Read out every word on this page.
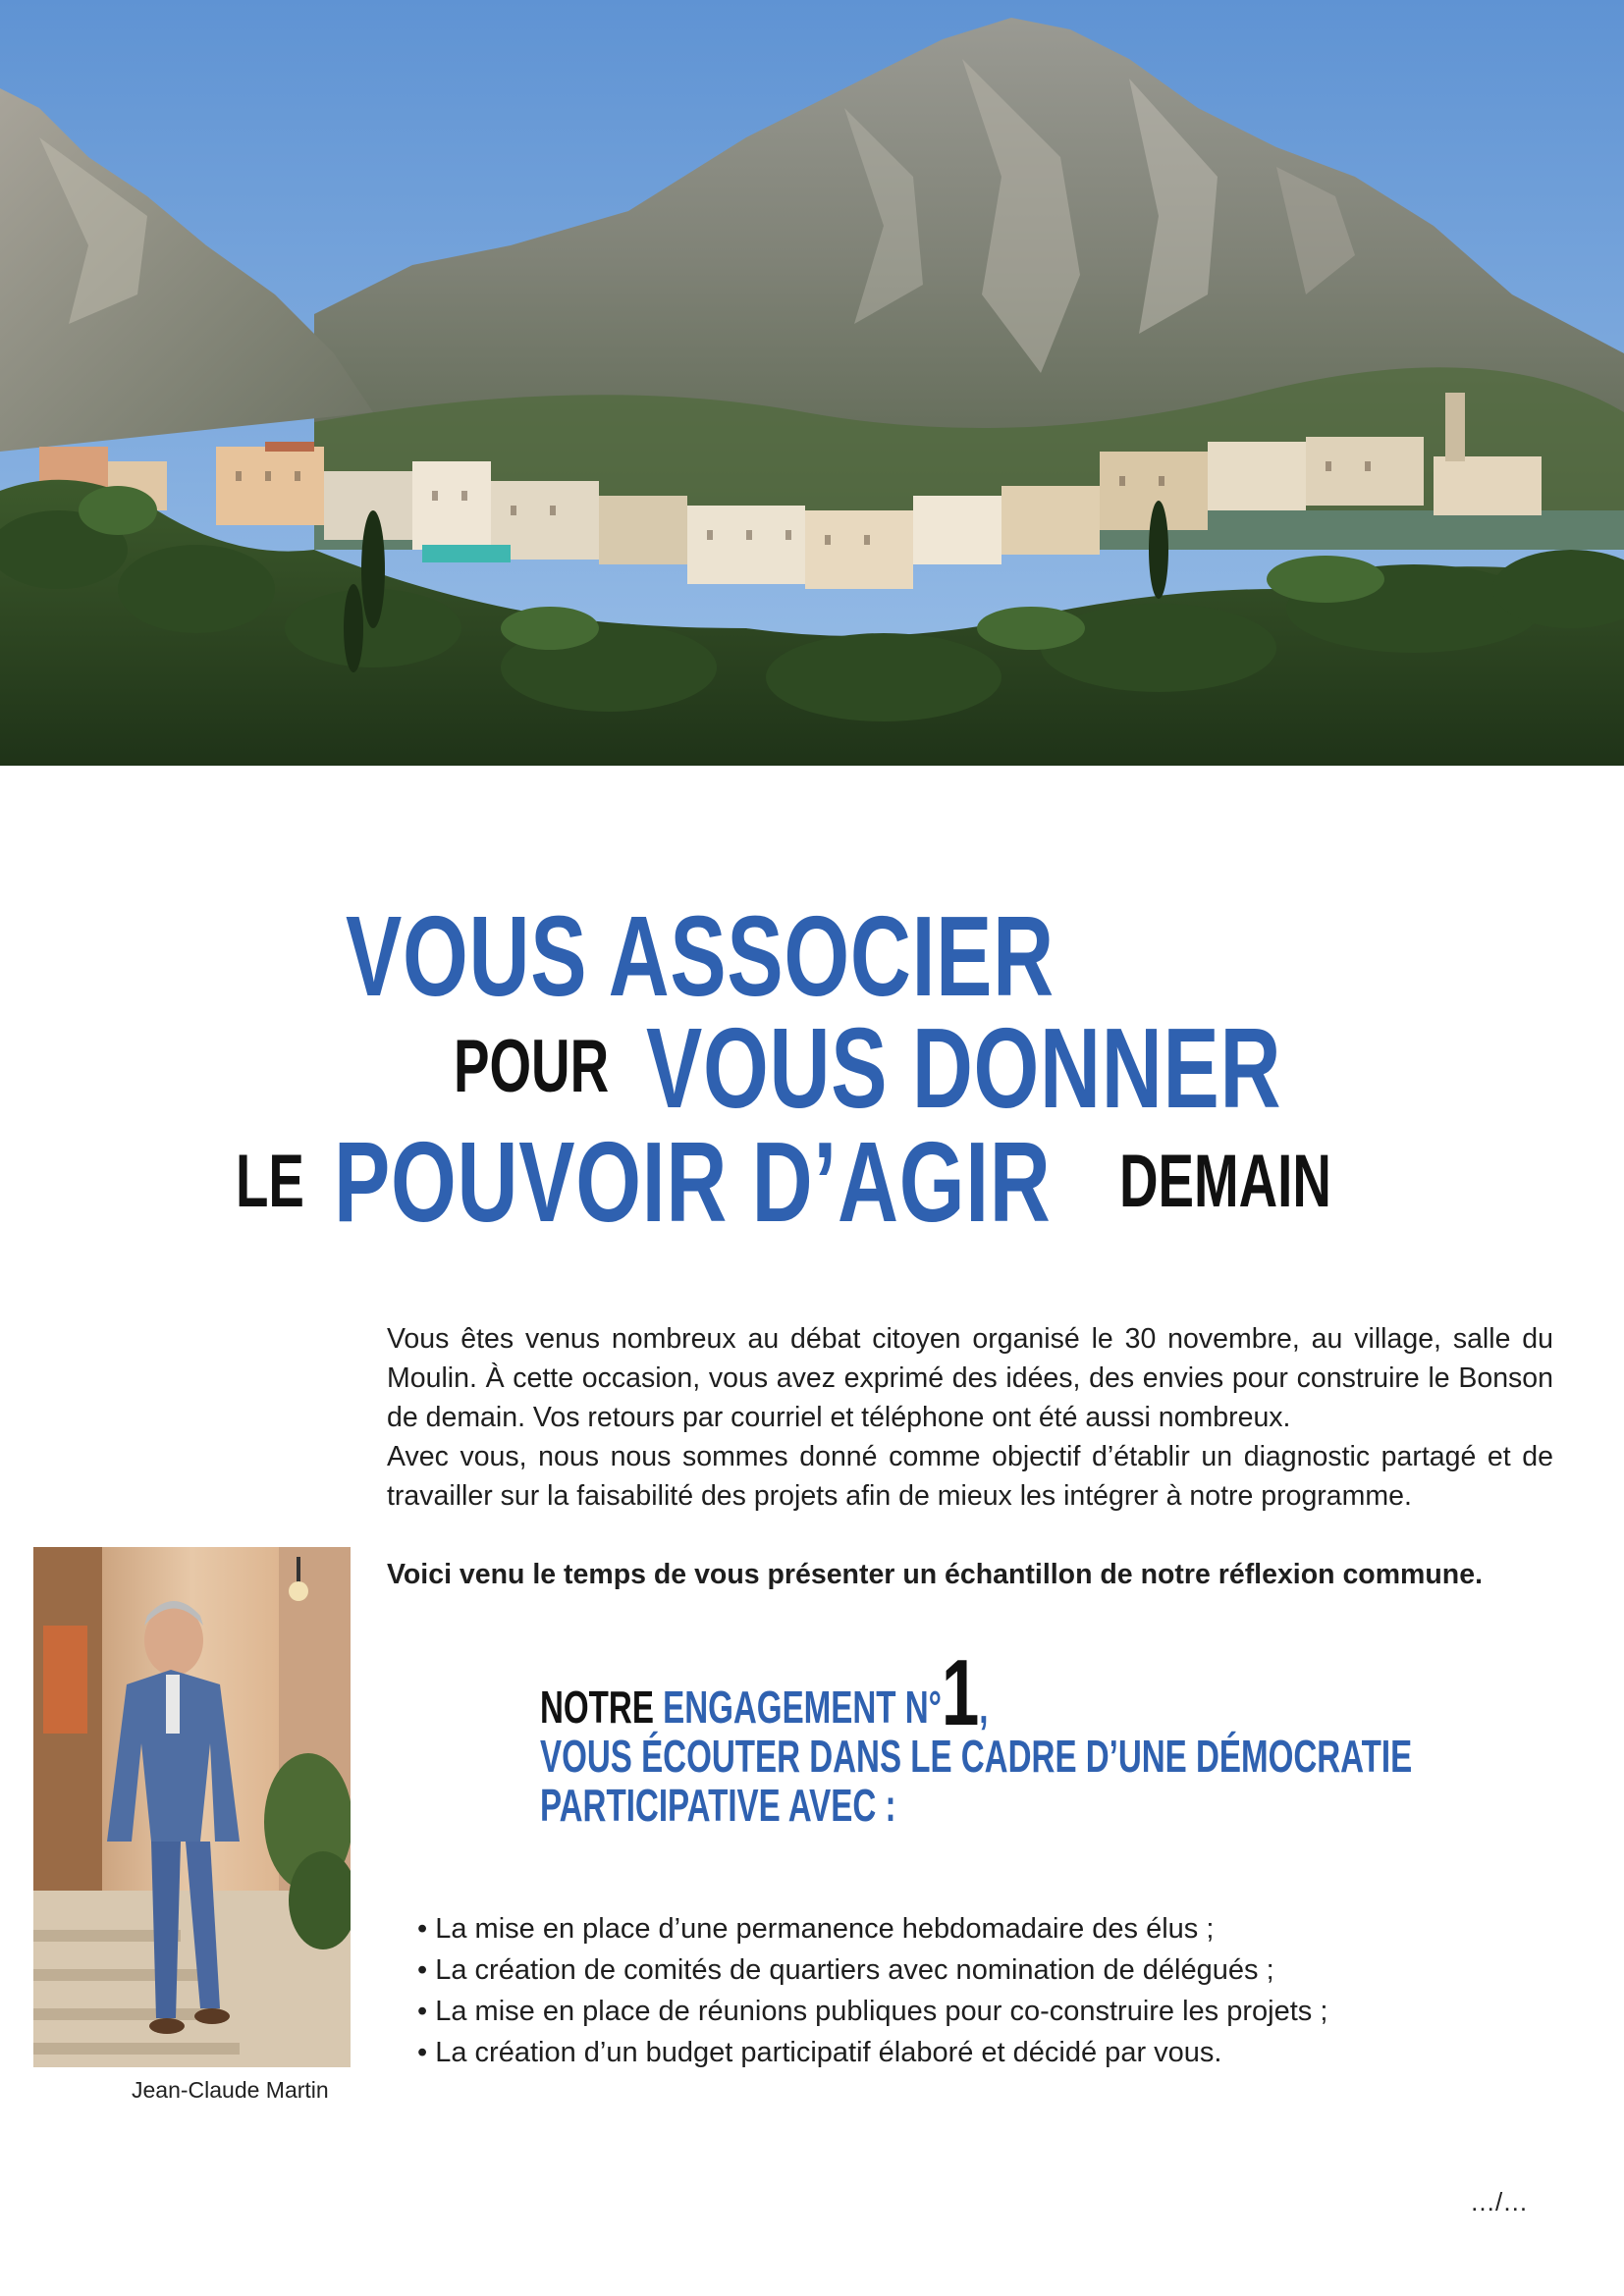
VOUS ASSOCIER
POUR VOUS DONNER
LE POUVOIR D’AGIR DEMAIN

Vous êtes venus nombreux au débat citoyen organisé le 30 novembre, au village, salle du Moulin. À cette occasion, vous avez exprimé des idées, des envies pour construire le Bonson de demain. Vos retours par courriel et téléphone ont été aussi nombreux.

Avec vous, nous nous sommes donné comme objectif d’établir un diagnostic partagé et de travailler sur la faisabilité des projets afin de mieux les intégrer à notre programme.

Voici venu le temps de vous présenter un échantillon de notre réflexion commune.

Jean-Claude Martin
NOTRE ENGAGEMENT N°1,
VOUS ÉCOUTER DANS LE CADRE D’UNE DÉMOCRATIE
PARTICIPATIVE AVEC :
• La mise en place d’une permanence hebdomadaire des élus ;
• La création de comités de quartiers avec nomination de délégués ;
• La mise en place de réunions publiques pour co-construire les projets ;
• La création d’un budget participatif élaboré et décidé par vous.
…/…
